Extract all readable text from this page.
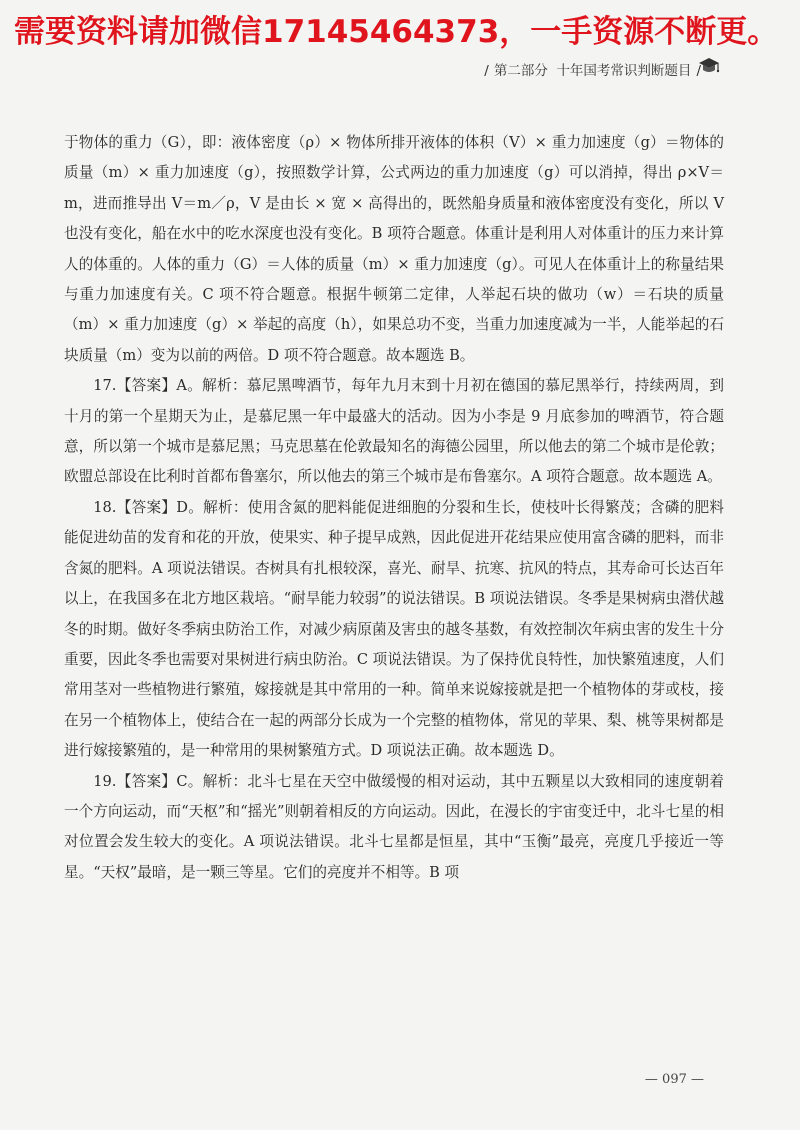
需要资料请加微信17145464373，一手资源不断更。
/ 第二部分 十年国考常识判断题目 /

于物体的重力（G），即：液体密度（ρ）× 物体所排开液体的体积（V）× 重力加速度（g）＝物体的质量（m）× 重力加速度（g），按照数学计算，公式两边的重力加速度（g）可以消掉，得出 ρ×V＝m，进而推导出 V＝m／ρ，V 是由长 × 宽 × 高得出的，既然船身质量和液体密度没有变化，所以 V 也没有变化，船在水中的吃水深度也没有变化。B 项符合题意。体重计是利用人对体重计的压力来计算人的体重的。人体的重力（G）＝人体的质量（m）× 重力加速度（g）。可见人在体重计上的称量结果与重力加速度有关。C 项不符合题意。根据牛顿第二定律，人举起石块的做功（w）＝石块的质量（m）× 重力加速度（g）× 举起的高度（h），如果总功不变，当重力加速度减为一半，人能举起的石块质量（m）变为以前的两倍。D 项不符合题意。故本题选 B。

17.【答案】A。解析：慕尼黑啤酒节，每年九月末到十月初在德国的慕尼黑举行，持续两周，到十月的第一个星期天为止，是慕尼黑一年中最盛大的活动。因为小李是 9 月底参加的啤酒节，符合题意，所以第一个城市是慕尼黑；马克思墓在伦敦最知名的海德公园里，所以他去的第二个城市是伦敦；欧盟总部设在比利时首都布鲁塞尔，所以他去的第三个城市是布鲁塞尔。A 项符合题意。故本题选 A。

18.【答案】D。解析：使用含氮的肥料能促进细胞的分裂和生长，使枝叶长得繁茂；含磷的肥料能促进幼苗的发育和花的开放，使果实、种子提早成熟，因此促进开花结果应使用富含磷的肥料，而非含氮的肥料。A 项说法错误。杏树具有扎根较深，喜光、耐旱、抗寒、抗风的特点，其寿命可长达百年以上，在我国多在北方地区栽培。“耐旱能力较弱”的说法错误。B 项说法错误。冬季是果树病虫潜伏越冬的时期。做好冬季病虫防治工作，对减少病原菌及害虫的越冬基数，有效控制次年病虫害的发生十分重要，因此冬季也需要对果树进行病虫防治。C 项说法错误。为了保持优良特性，加快繁殖速度，人们常用茎对一些植物进行繁殖，嫁接就是其中常用的一种。简单来说嫁接就是把一个植物体的芽或枝，接在另一个植物体上，使结合在一起的两部分长成为一个完整的植物体，常见的苹果、梨、桃等果树都是进行嫁接繁殖的，是一种常用的果树繁殖方式。D 项说法正确。故本题选 D。

19.【答案】C。解析：北斗七星在天空中做缓慢的相对运动，其中五颗星以大致相同的速度朝着一个方向运动，而“天枢”和“摇光”则朝着相反的方向运动。因此，在漫长的宇宙变迁中，北斗七星的相对位置会发生较大的变化。A 项说法错误。北斗七星都是恒星，其中“玉衡”最亮，亮度几乎接近一等星。“天权”最暗，是一颗三等星。它们的亮度并不相等。B 项

— 097 —
